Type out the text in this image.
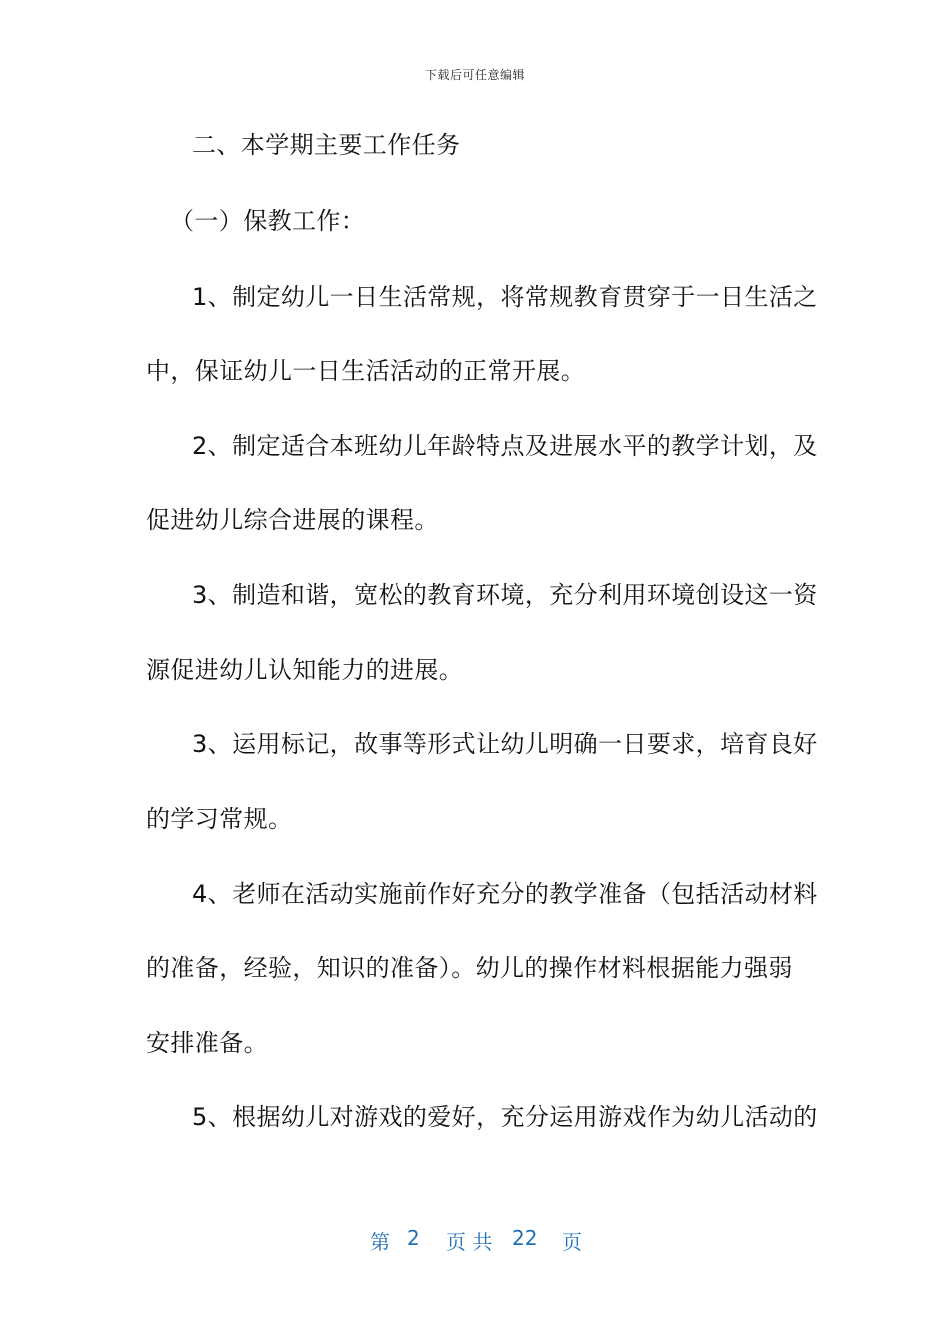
下载后可任意编辑
二、本学期主要工作任务
（一）保教工作：
1、制定幼儿一日生活常规，将常规教育贯穿于一日生活之
中，保证幼儿一日生活活动的正常开展。
2、制定适合本班幼儿年龄特点及进展水平的教学计划，及
促进幼儿综合进展的课程。
3、制造和谐，宽松的教育环境，充分利用环境创设这一资
源促进幼儿认知能力的进展。
3、运用标记，故事等形式让幼儿明确一日要求，培育良好
的学习常规。
4、老师在活动实施前作好充分的教学准备（包括活动材料
的准备，经验，知识的准备）。幼儿的操作材料根据能力强弱
安排准备。
5、根据幼儿对游戏的爱好，充分运用游戏作为幼儿活动的
第 2 页 共 22 页
